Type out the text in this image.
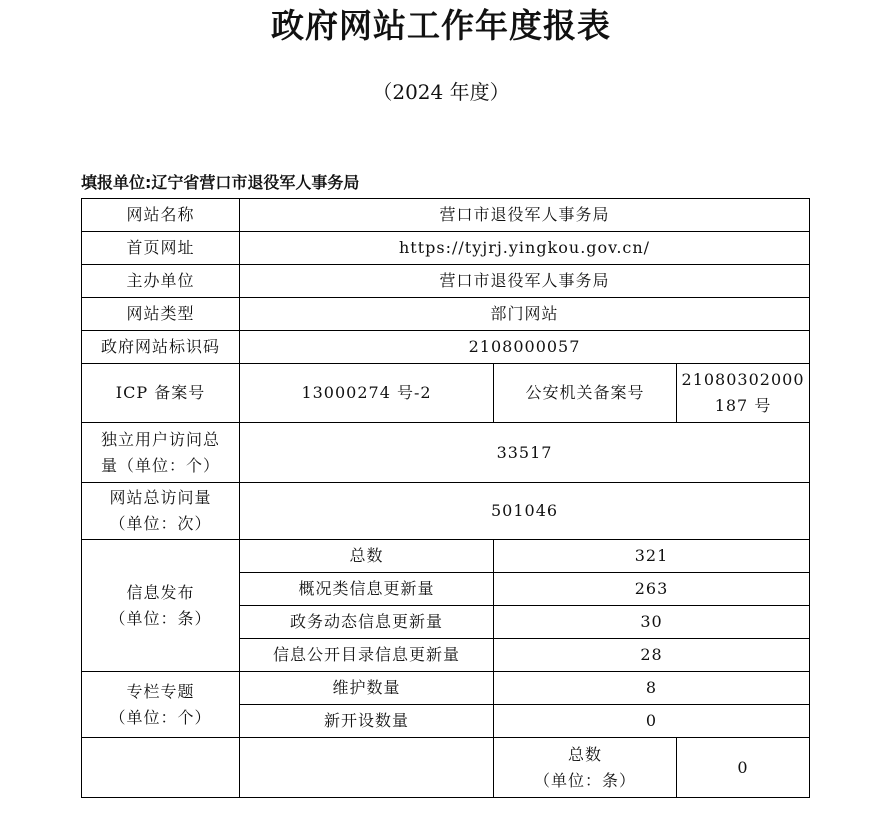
政府网站工作年度报表
（2024 年度）
填报单位:辽宁省营口市退役军人事务局
网站名称	营口市退役军人事务局		
首页网址	https://tyjrj.yingkou.gov.cn/		
主办单位	营口市退役军人事务局		
网站类型	部门网站		
政府网站标识码	2108000057		
ICP 备案号	13000274 号-2	公安机关备案号	21080302000
187 号

独立用户访问总
量（单位：个）	33517		

网站总访问量
（单位：次）	501046		

信息发布
（单位：条）	总数	321	
	概况类信息更新量	263	
	政务动态信息更新量	30	
	信息公开目录信息更新量	28	

专栏专题
（单位：个）	维护数量	8	
	新开设数量	0	

		总数
（单位：条）	0
